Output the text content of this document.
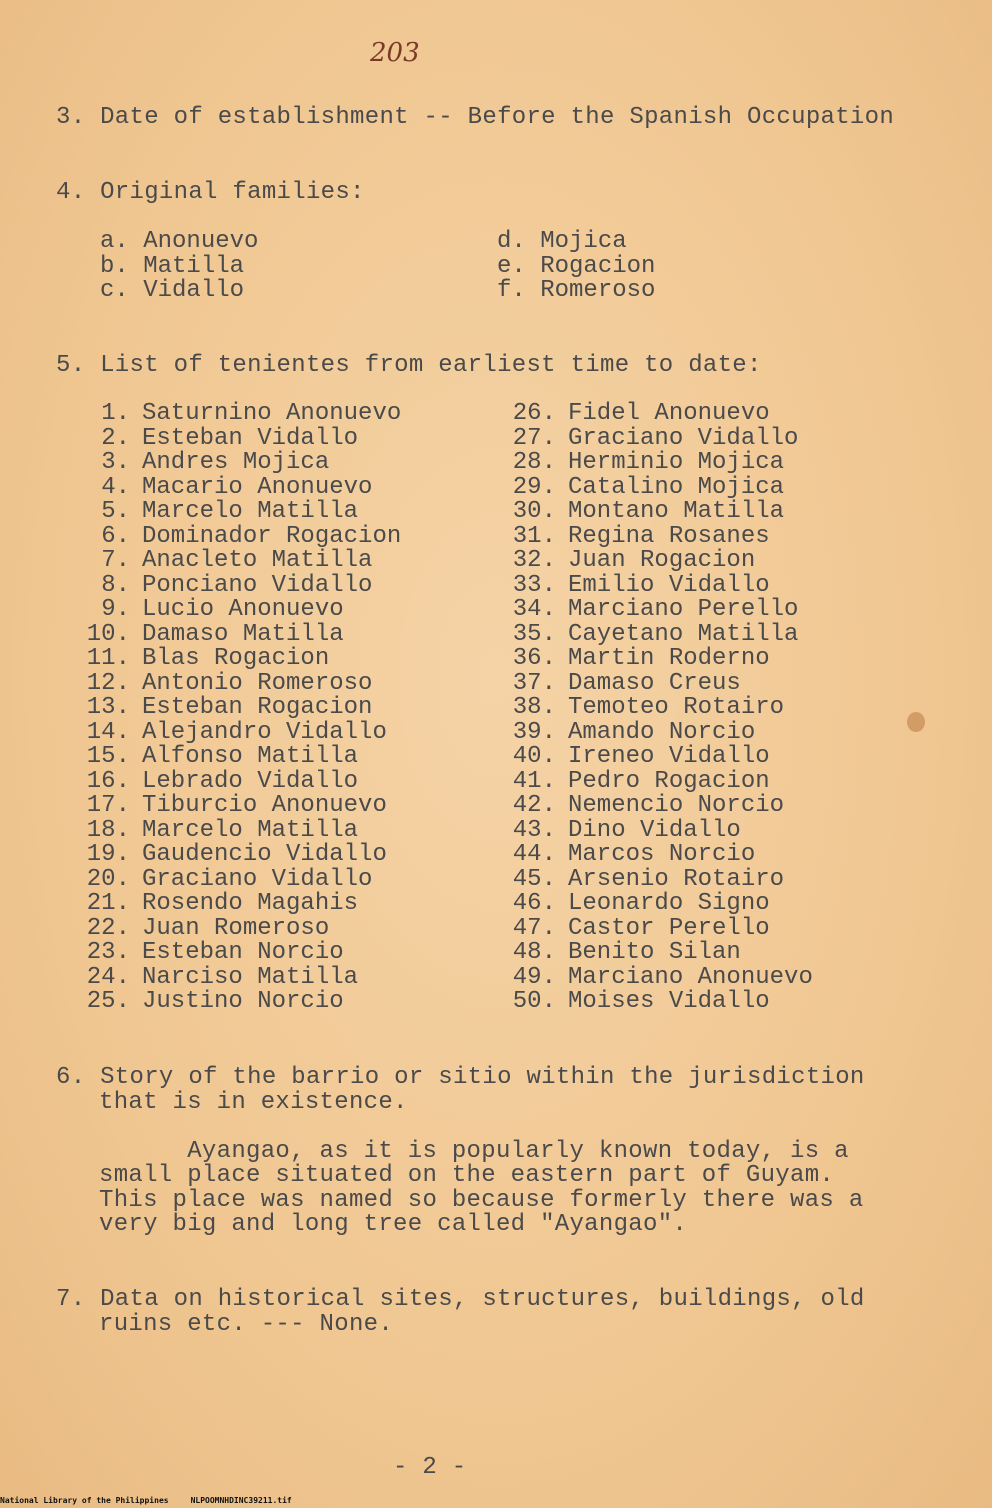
203
3. Date of establishment -- Before the Spanish Occupation
4. Original families:
a. Anonuevo
b. Matilla
c. Vidallo
d. Mojica
e. Rogacion
f. Romeroso
5. List of tenientes from earliest time to date:
1. Saturnino Anonuevo
2. Esteban Vidallo
3. Andres Mojica
4. Macario Anonuevo
5. Marcelo Matilla
6. Dominador Rogacion
7. Anacleto Matilla
8. Ponciano Vidallo
9. Lucio Anonuevo
10. Damaso Matilla
11. Blas Rogacion
12. Antonio Romeroso
13. Esteban Rogacion
14. Alejandro Vidallo
15. Alfonso Matilla
16. Lebrado Vidallo
17. Tiburcio Anonuevo
18. Marcelo Matilla
19. Gaudencio Vidallo
20. Graciano Vidallo
21. Rosendo Magahis
22. Juan Romeroso
23. Esteban Norcio
24. Narciso Matilla
25. Justino Norcio
26. Fidel Anonuevo
27. Graciano Vidallo
28. Herminio Mojica
29. Catalino Mojica
30. Montano Matilla
31. Regina Rosanes
32. Juan Rogacion
33. Emilio Vidallo
34. Marciano Perello
35. Cayetano Matilla
36. Martin Roderno
37. Damaso Creus
38. Temoteo Rotairo
39. Amando Norcio
40. Ireneo Vidallo
41. Pedro Rogacion
42. Nemencio Norcio
43. Dino Vidallo
44. Marcos Norcio
45. Arsenio Rotairo
46. Leonardo Signo
47. Castor Perello
48. Benito Silan
49. Marciano Anonuevo
50. Moises Vidallo
6. Story of the barrio or sitio within the jurisdiction
that is in existence.
Ayangao, as it is popularly known today, is a
small place situated on the eastern part of Guyam.
This place was named so because formerly there was a
very big and long tree called "Ayangao".
7. Data on historical sites, structures, buildings, old
ruins etc. --- None.
- 2 -
National Library of the Philippines	NLPOOMNHDINC39211.tif
